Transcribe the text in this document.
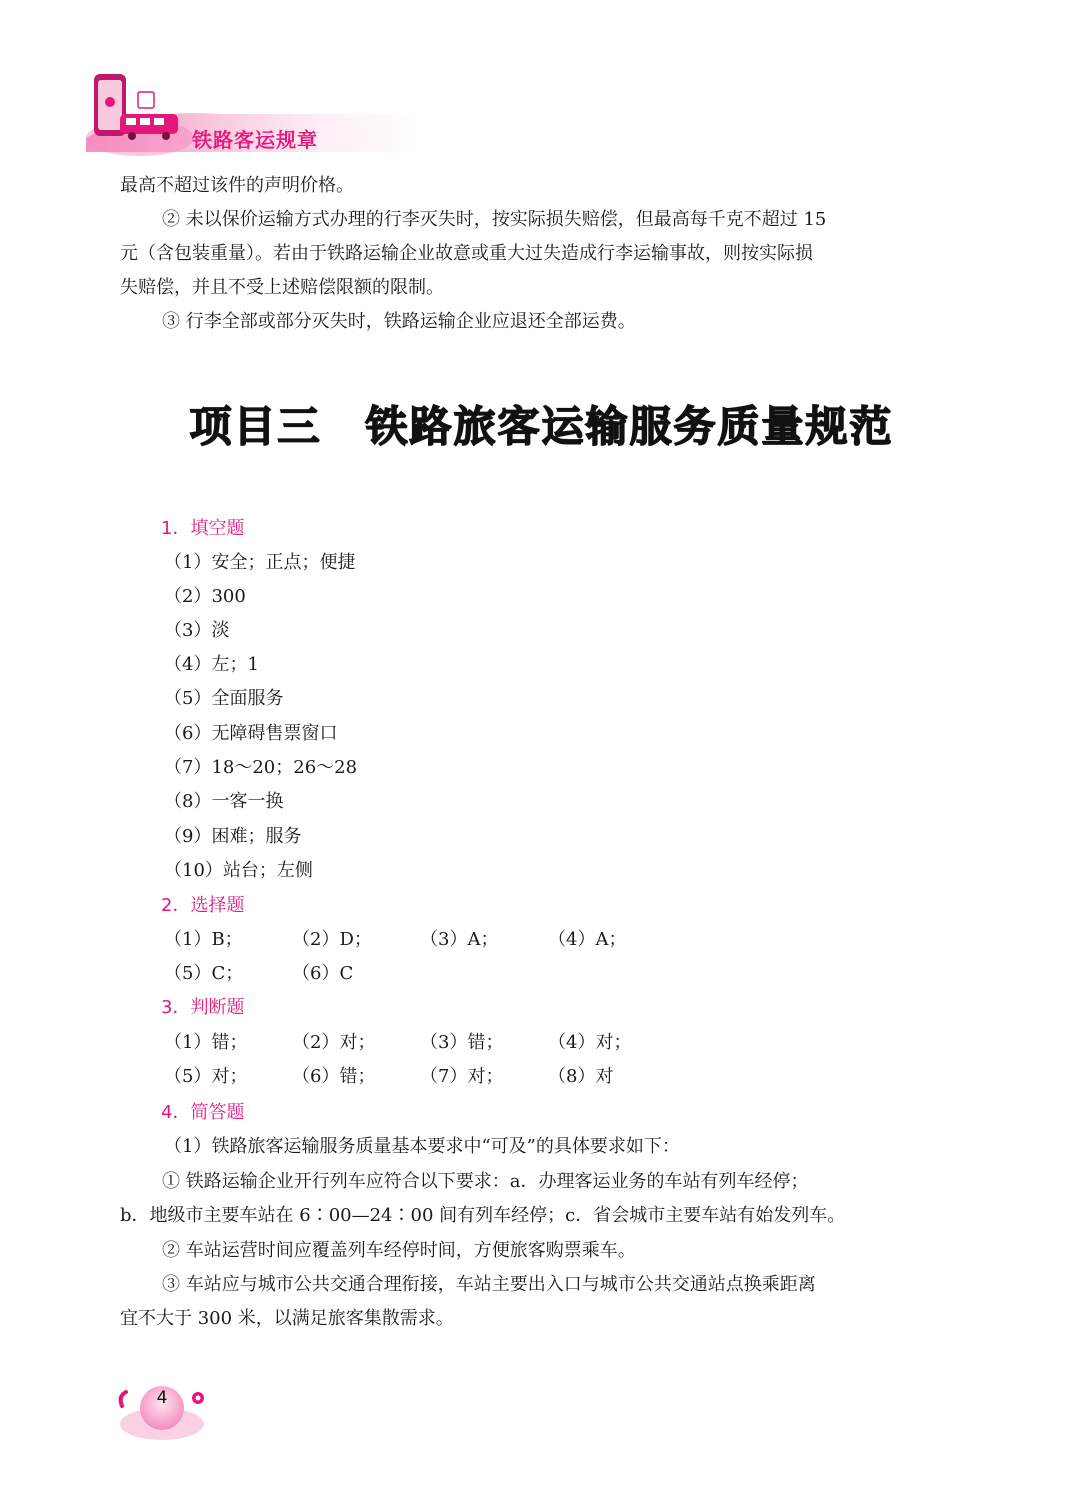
铁路客运规章
最高不超过该件的声明价格。
② 未以保价运输方式办理的行李灭失时，按实际损失赔偿，但最高每千克不超过 15
元（含包装重量）。若由于铁路运输企业故意或重大过失造成行李运输事故，则按实际损
失赔偿，并且不受上述赔偿限额的限制。
③ 行李全部或部分灭失时，铁路运输企业应退还全部运费。
项目三　铁路旅客运输服务质量规范
1．填空题
（1）安全；正点；便捷
（2）300
（3）淡
（4）左；1
（5）全面服务
（6）无障碍售票窗口
（7）18～20；26～28
（8）一客一换
（9）困难；服务
（10）站台；左侧
2．选择题
（1）B；	（2）D；	（3）A；	（4）A；
（5）C；	（6）C
3．判断题
（1）错； （2）对； （3）错； （4）对；
（5）对； （6）错； （7）对； （8）对
4．简答题
（1）铁路旅客运输服务质量基本要求中“可及”的具体要求如下：
① 铁路运输企业开行列车应符合以下要求：a．办理客运业务的车站有列车经停；
b．地级市主要车站在 6∶00—24∶00 间有列车经停；c．省会城市主要车站有始发列车。
② 车站运营时间应覆盖列车经停时间，方便旅客购票乘车。
③ 车站应与城市公共交通合理衔接，车站主要出入口与城市公共交通站点换乘距离
宜不大于 300 米，以满足旅客集散需求。
4
